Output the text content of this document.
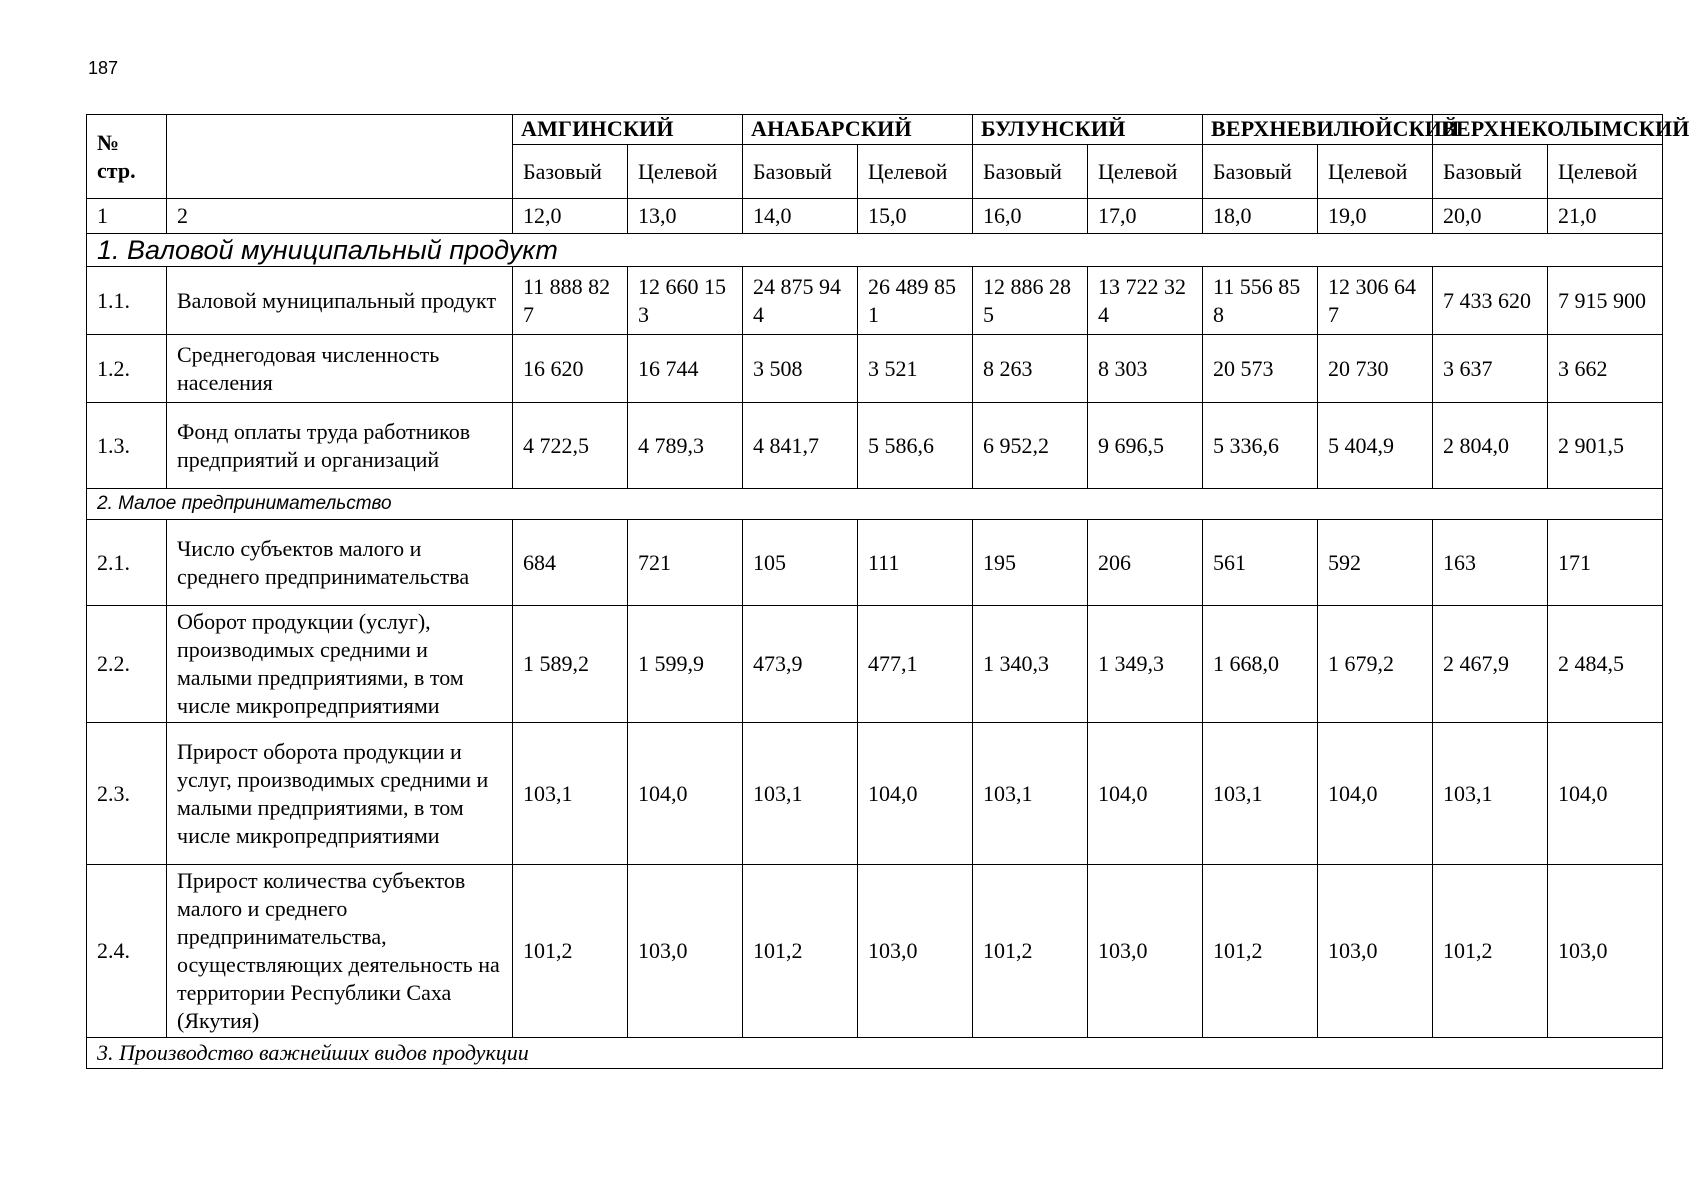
187
№ стр.		АМГИНСКИЙ		АНАБАРСКИЙ		БУЛУНСКИЙ		ВЕРХНЕВИЛЮЙСКИЙ		ВЕРХНЕКОЛЫМСКИЙ	
		Базовый	Целевой	Базовый	Целевой	Базовый	Целевой	Базовый	Целевой	Базовый	Целевой
1	2	12,0	13,0	14,0	15,0	16,0	17,0	18,0	19,0	20,0	21,0
1. Валовой муниципальный продукт											
1.1.	Валовой муниципальный продукт	11 888 827	12 660 153	24 875 944	26 489 851	12 886 285	13 722 324	11 556 858	12 306 647	7 433 620	7 915 900
1.2.	Среднегодовая численность населения	16 620	16 744	3 508	3 521	8 263	8 303	20 573	20 730	3 637	3 662
1.3.	Фонд оплаты труда работников предприятий и организаций	4 722,5	4 789,3	4 841,7	5 586,6	6 952,2	9 696,5	5 336,6	5 404,9	2 804,0	2 901,5
2. Малое предпринимательство											
2.1.	Число субъектов малого и среднего предпринимательства	684	721	105	111	195	206	561	592	163	171
2.2.	Оборот продукции (услуг), производимых средними и малыми предприятиями, в том числе микропредприятиями	1 589,2	1 599,9	473,9	477,1	1 340,3	1 349,3	1 668,0	1 679,2	2 467,9	2 484,5
2.3.	Прирост оборота продукции и услуг, производимых средними и малыми предприятиями, в том числе микропредприятиями	103,1	104,0	103,1	104,0	103,1	104,0	103,1	104,0	103,1	104,0
2.4.	Прирост количества субъектов малого и среднего предпринимательства, осуществляющих деятельность на территории Республики Саха (Якутия)	101,2	103,0	101,2	103,0	101,2	103,0	101,2	103,0	101,2	103,0
3. Производство важнейших видов продукции											
